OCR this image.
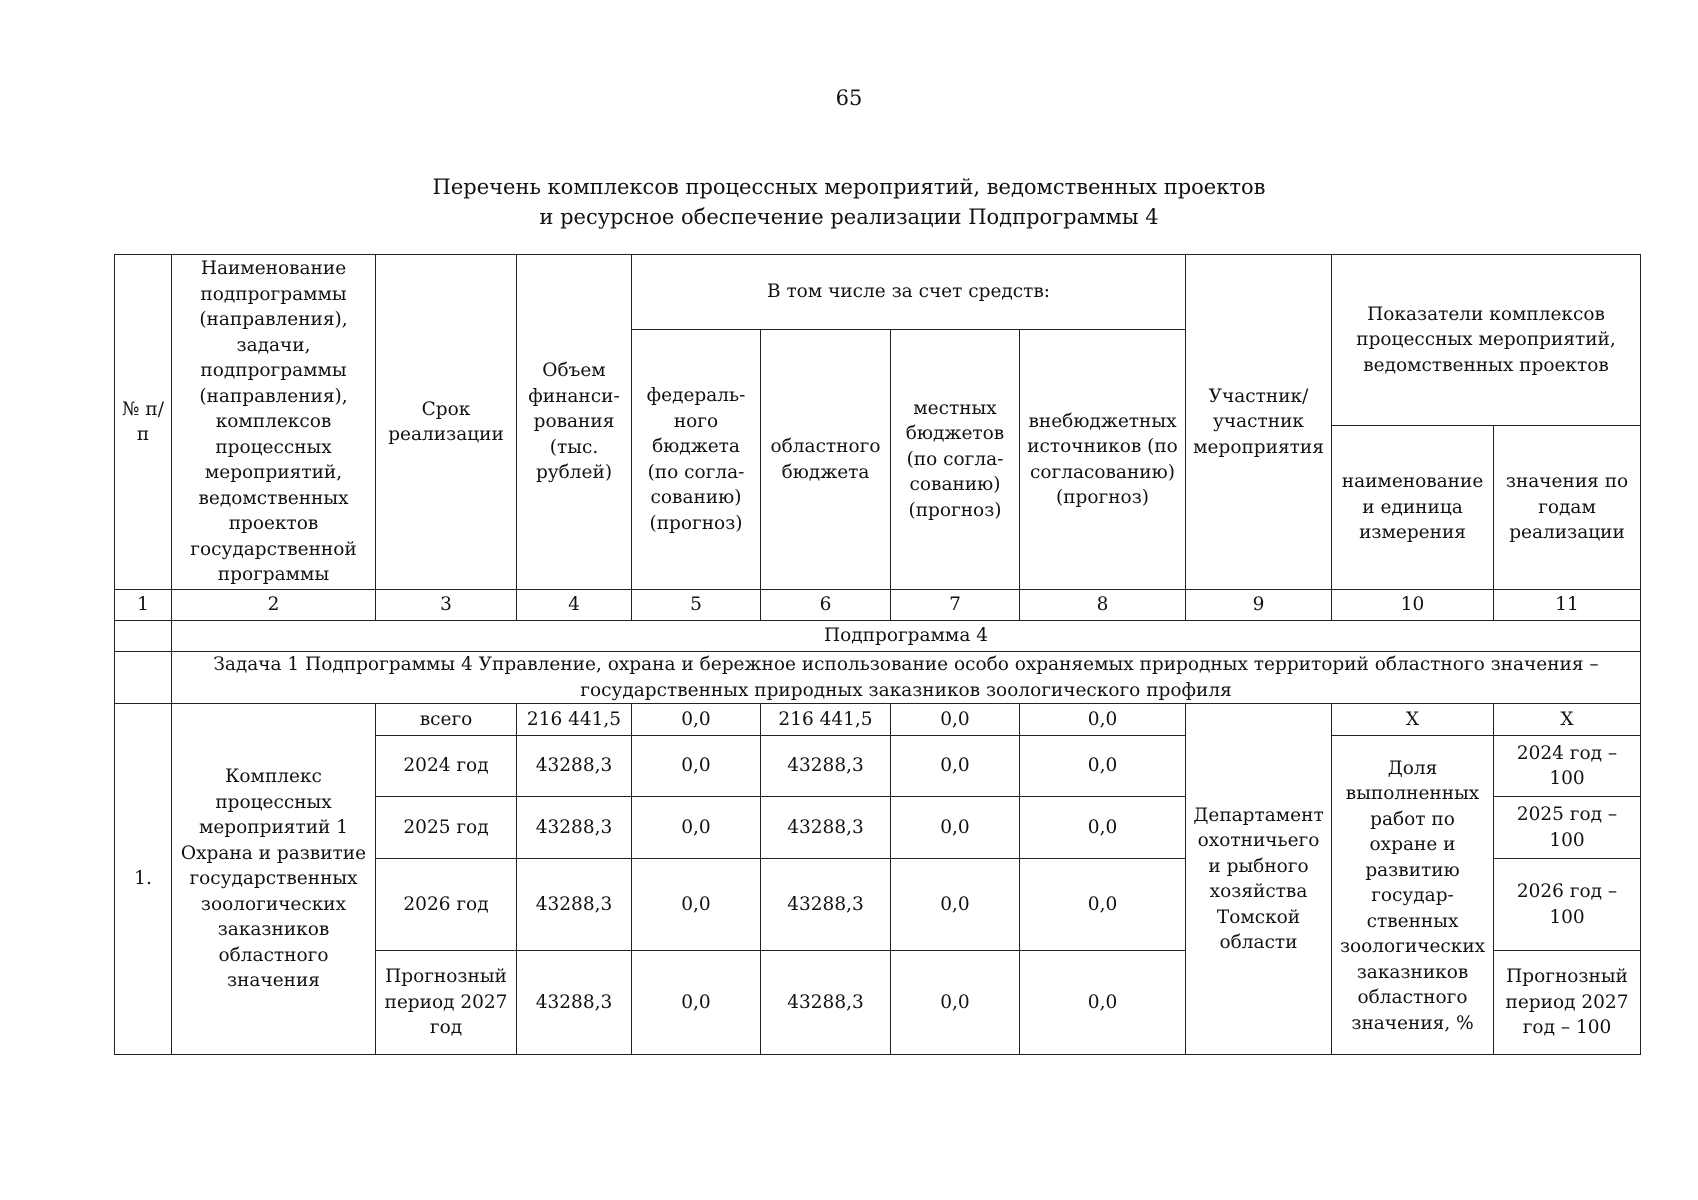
65
Перечень комплексов процессных мероприятий, ведомственных проектов
и ресурсное обеспечение реализации Подпрограммы 4
№ п/п	Наименование подпрограммы (направления), задачи, подпрограммы (направления), комплексов процессных мероприятий, ведомственных проектов государственной программы	Срок реализации	Объем финанси-рования (тыс. рублей)	В том числе за счет средств:				Участник/ участник мероприятия	Показатели комплексов процессных мероприятий, ведомственных проектов	
				федераль-ного бюджета (по согла-сованию) (прогноз)	областного бюджета	местных бюджетов (по согла-сованию) (прогноз)	внебюджетных источников (по согласованию) (прогноз)			
									наименование и единица измерения	значения по годам реализации
1	2	3	4	5	6	7	8	9	10	11
	Подпрограмма 4									
	Задача 1 Подпрограммы 4 Управление, охрана и бережное использование особо охраняемых природных территорий областного значения – государственных природных заказников зоологического профиля									
1.	Комплекс процессных мероприятий 1 Охрана и развитие государственных зоологических заказников областного значения	всего	216 441,5	0,0	216 441,5	0,0	0,0	Департамент охотничьего и рыбного хозяйства Томской области	Х	Х
		2024 год	43288,3	0,0	43288,3	0,0	0,0		Доля выполненных работ по охране и развитию государ-ственных зоологических заказников областного значения, %	2024 год – 100
		2025 год	43288,3	0,0	43288,3	0,0	0,0			2025 год – 100
		2026 год	43288,3	0,0	43288,3	0,0	0,0			2026 год – 100
		Прогнозный период 2027 год	43288,3	0,0	43288,3	0,0	0,0			Прогнозный период 2027 год – 100
